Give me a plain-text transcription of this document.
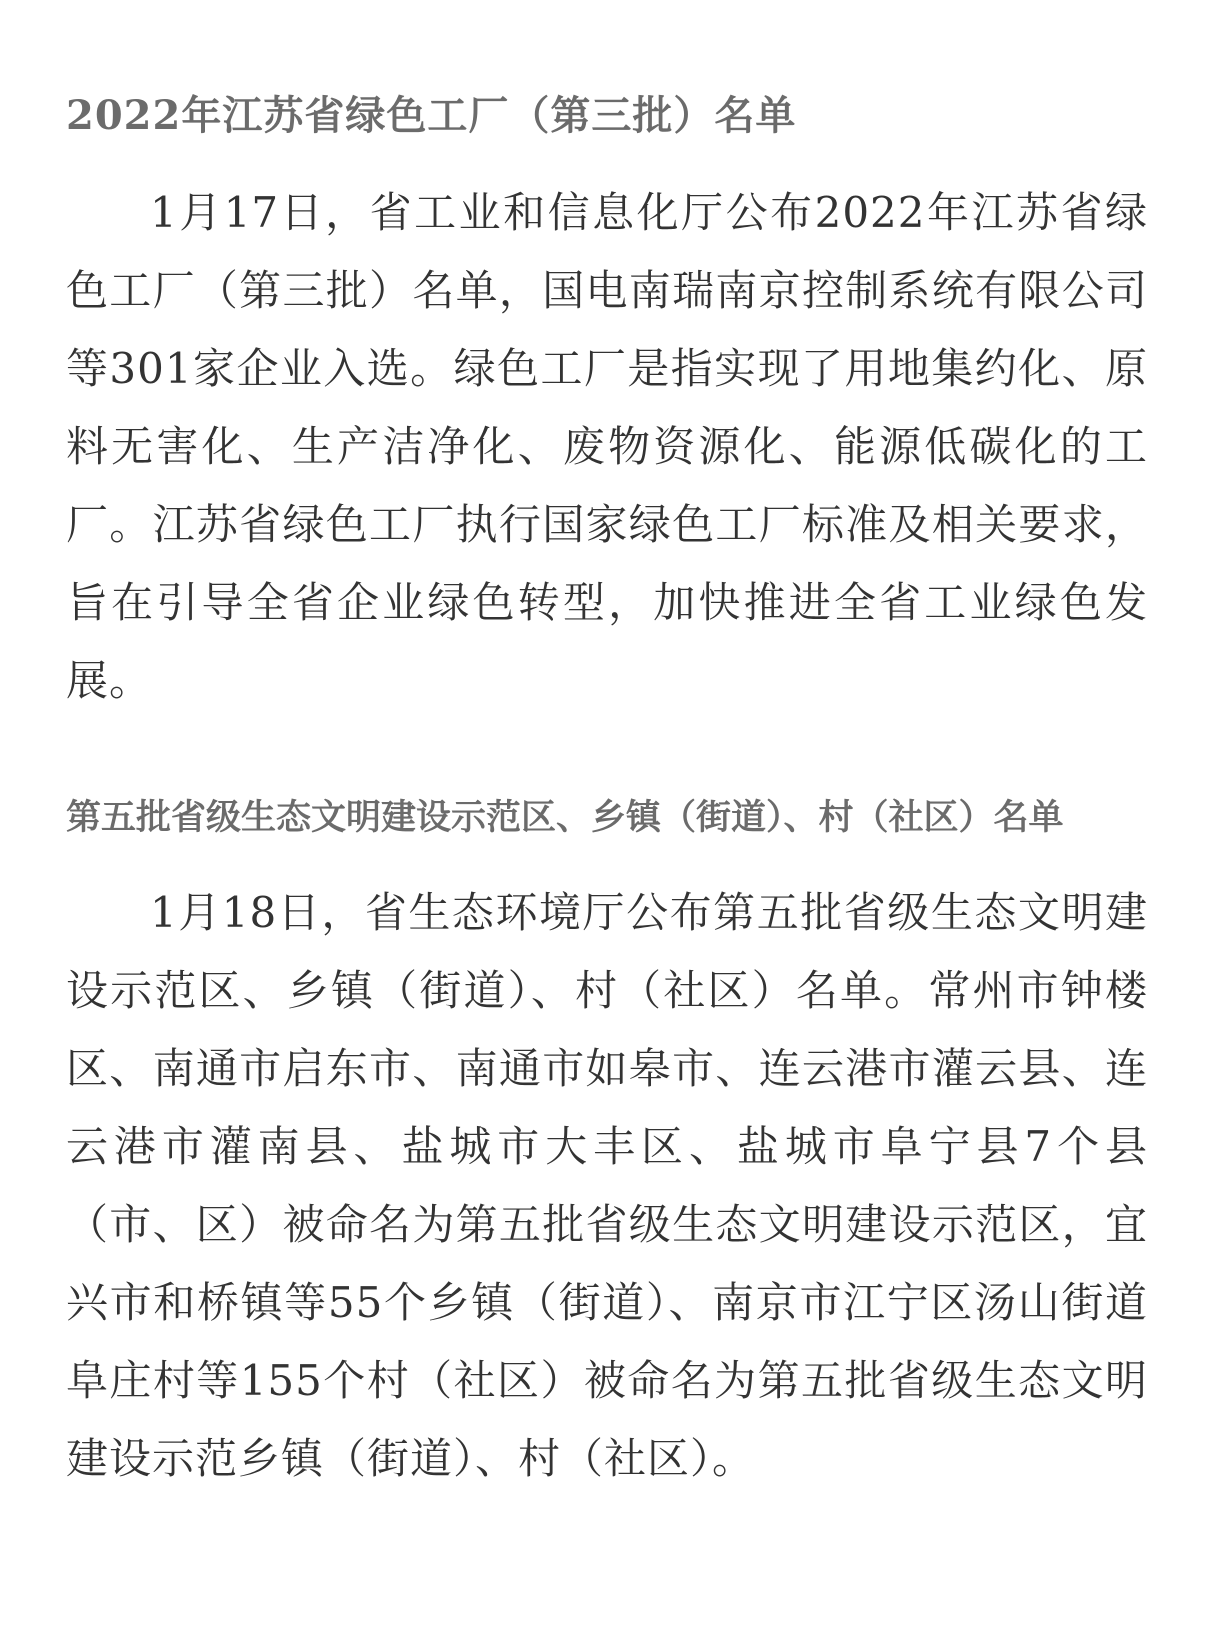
2022年江苏省绿色工厂（第三批）名单

1月17日，省工业和信息化厅公布2022年江苏省绿色工厂（第三批）名单，国电南瑞南京控制系统有限公司等301家企业入选。绿色工厂是指实现了用地集约化、原料无害化、生产洁净化、废物资源化、能源低碳化的工厂。江苏省绿色工厂执行国家绿色工厂标准及相关要求，旨在引导全省企业绿色转型，加快推进全省工业绿色发展。

第五批省级生态文明建设示范区、乡镇（街道）、村（社区）名单

1月18日，省生态环境厅公布第五批省级生态文明建设示范区、乡镇（街道）、村（社区）名单。常州市钟楼区、南通市启东市、南通市如皋市、连云港市灌云县、连云港市灌南县、盐城市大丰区、盐城市阜宁县7个县（市、区）被命名为第五批省级生态文明建设示范区，宜兴市和桥镇等55个乡镇（街道）、南京市江宁区汤山街道阜庄村等155个村（社区）被命名为第五批省级生态文明建设示范乡镇（街道）、村（社区）。
